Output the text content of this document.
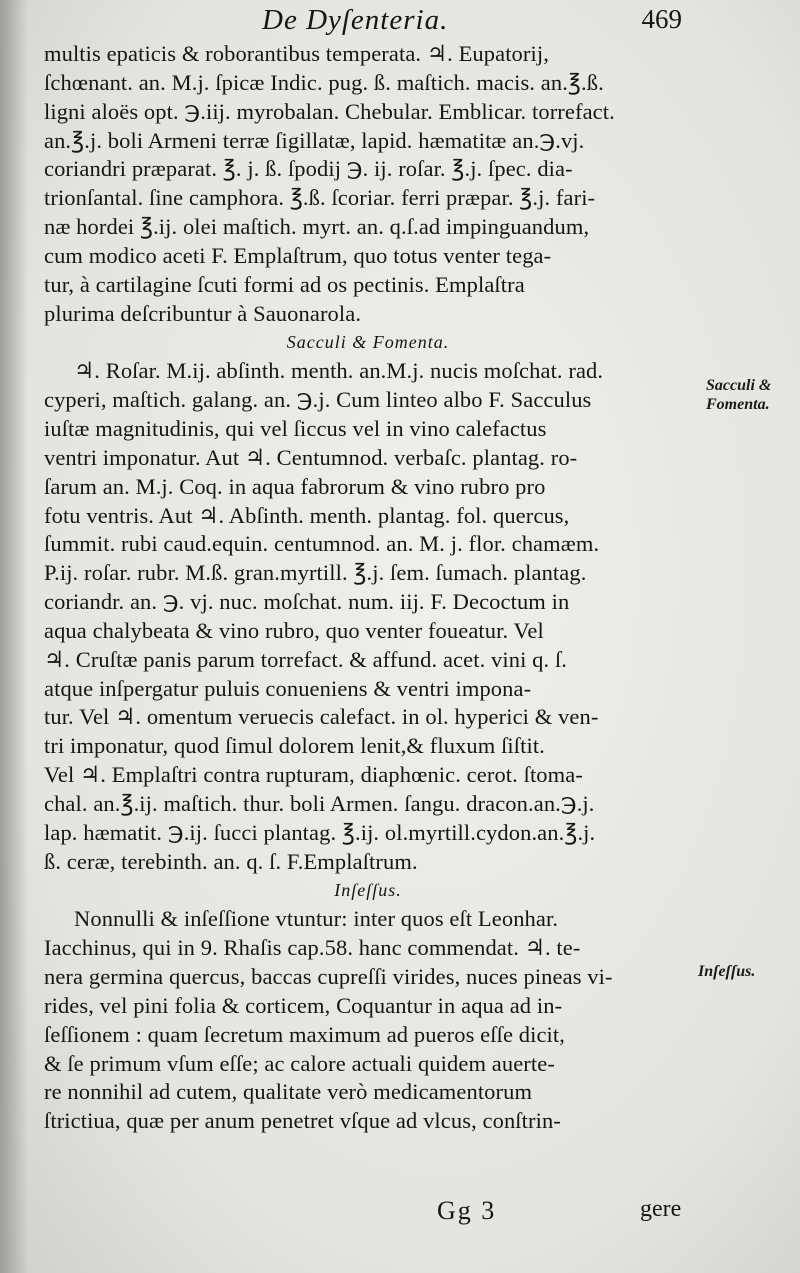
De Dyſenteria.	469
multis epaticis & roborantibus temperata. ♃. Eupatorij,
ſchœnant. an. M.j. ſpicæ Indic. pug. ß. maſtich. macis. an.℥.ß.
ligni aloës opt. ℈.iij. myrobalan. Chebular. Emblicar. torrefact.
an.℥.j. boli Armeni terræ ſigillatæ, lapid. hæmatitæ an.℈.vj.
coriandri præparat. ℥. j. ß. ſpodij ℈. ij. roſar. ℥.j. ſpec. dia-
trionſantal. ſine camphora. ℥.ß. ſcoriar. ferri præpar. ℥.j. fari-
næ hordei ℥.ij. olei maſtich. myrt. an. q.ſ.ad impinguandum,
cum modico aceti F. Emplaſtrum, quo totus venter tega-
tur, à cartilagine ſcuti formi ad os pectinis. Emplaſtra
plurima deſcribuntur à Sauonarola.
Sacculi & Fomenta.
♃. Roſar. M.ij. abſinth. menth. an.M.j. nucis moſchat. rad.
cyperi, maſtich. galang. an. ℈.j. Cum linteo albo F. Sacculus
iuſtæ magnitudinis, qui vel ſiccus vel in vino calefactus
ventri imponatur. Aut ♃. Centumnod. verbaſc. plantag. ro-
ſarum an. M.j. Coq. in aqua fabrorum & vino rubro pro
fotu ventris. Aut ♃. Abſinth. menth. plantag. fol. quercus,
ſummit. rubi caud.equin. centumnod. an. M. j. flor. chamæm.
P.ij. roſar. rubr. M.ß. gran.myrtill. ℥.j. ſem. ſumach. plantag.
coriandr. an. ℈. vj. nuc. moſchat. num. iij. F. Decoctum in
aqua chalybeata & vino rubro, quo venter foueatur. Vel
♃. Cruſtæ panis parum torrefact. & affund. acet. vini q. ſ.
atque inſpergatur puluis conueniens & ventri impona-
tur. Vel ♃. omentum veruecis calefact. in ol. hyperici & ven-
tri imponatur, quod ſimul dolorem lenit,& fluxum ſiſtit.
Vel ♃. Emplaſtri contra rupturam, diaphœnic. cerot. ſtoma-
chal. an.℥.ij. maſtich. thur. boli Armen. ſangu. dracon.an.℈.j.
lap. hæmatit. ℈.ij. ſucci plantag. ℥.ij. ol.myrtill.cydon.an.℥.j.
ß. ceræ, terebinth. an. q. ſ. F.Emplaſtrum.
Inſeſſus.
Nonnulli & inſeſſione vtuntur: inter quos eſt Leonhar.
Iacchinus, qui in 9. Rhaſis cap.58. hanc commendat. ♃. te-
nera germina quercus, baccas cupreſſi virides, nuces pineas vi-
rides, vel pini folia & corticem, Coquantur in aqua ad in-
ſeſſionem : quam ſecretum maximum ad pueros eſſe dicit,
& ſe primum vſum eſſe; ac calore actuali quidem auerte-
re nonnihil ad cutem, qualitate verò medicamentorum
ſtrictiua, quæ per anum penetret vſque ad vlcus, conſtrin-
Sacculi & Fomenta.
Inſeſſus.
Gg 3	gere
